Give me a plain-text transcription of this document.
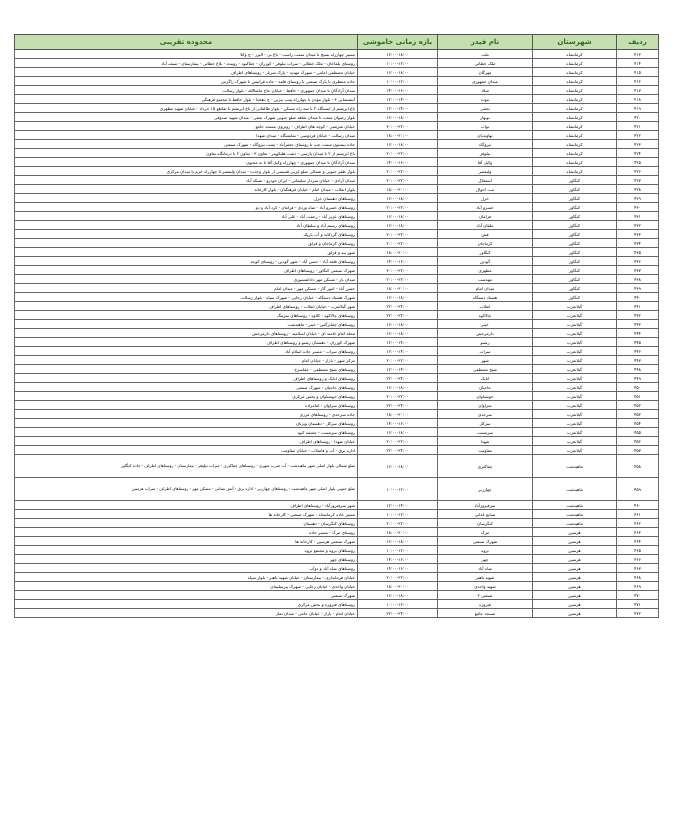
ردیف	شهرستان	نام فیدر	بازه زمانی خاموشی	محدوده تقریبی
۴۱۳	کرمانشاه	ملت	۱۶:۰۰-۱۸:۰۰	مسیر چهارراه بسیج تا میدان سمت راست - باغ نی - البرز - ج وکلا
۴۱۴	کرمانشاه	ملک خطائی	۱۰:۰۰-۱۲:۰۰	روستای بلماخان - ملک خطائی - سراب نیلوفر - کوزران - چقاکبود - روینده - بلاغ خطائی - بیمارستان - سیف آباد
۴۱۵	کرمانشاه	مهرگان	۱۶:۰۰-۱۸:۰۰	خیابان مصطفی امامی - شهرک مهدیه - پارک سرباز - روستاهای اطراف
۴۱۶	کرمانشاه	میدان جمهوری	۱۰:۰۰-۱۲:۰۰	جاده منتظری تا پارک صنعتی با روستای قلعه - جاده قرانیس تا شهرک زاگرس
۴۱۷	کرمانشاه	میلاد	۱۴:۰۰-۱۶:۰۰	میدان آزادگان تا میدان جمهوری - حافظ - خیابان حاج ماشاالله - بلوار رسالت
۴۱۸	کرمانشاه	نبوت	۱۲:۰۰-۱۴:۰۰	آتشنشانی ۳ - بلوار مؤذن تا چهارراه پمپ بنزین - ج دهخدا - بلوار حافظ تا مجتمع فرهنگی
۴۱۹	کرمانشاه	نجفی	۱۲:۰۰-۱۴:۰۰	باغ ابریشم از ایستگاه ۲ تا سه راه مسکن - بلوار طالقانی از باغ ابریشم تا تقاطع ۱۵ خرداد - خیابان شهید مطهری
۴۲۰	کرمانشاه	نوبهار	۱۶:۰۰-۱۸:۰۰	بلوار رضوان مبعث تا میدان شاهد ضلع جنوبی شهرک نجفی - میدان شهید صدوقی
۴۲۱	کرمانشاه	نواب	۲۰:۰۰-۲۲:۰۰	خیابان شریعتی - کوچه های اطراف - روبروی مسجد جامع
۴۲۲	کرمانشاه	نهاوندیان	۱۸:۰۰-۲۰:۰۰	میدان رسالت - خیابان فردوسی - نمایشگاه - میدان شهدا
۴۲۳	کرمانشاه	نیروگاه	۱۶:۰۰-۱۸:۰۰	جاده بیستون سمت چپ تا روستای جعفرآباد - پشت نیروگاه - شهرک صنعتی
۴۲۴	کرمانشاه	نیلوفر	۲۰:۰۰-۲۲:۰۰	باغ ابریشم از ۲ تا میدان پارسی - دشت هلیکوپتر - تعاون ۳ - تعاون ۲ تا درمانگاه تعاون
۴۲۵	کرمانشاه	وکیل آقا	۱۴:۰۰-۱۶:۰۰	میدان آزادگان تا میدان جمهوری - چهارراه وکیل آقا تا ته مجنون
۴۲۶	کرمانشاه	ولیعصر	۲۰:۰۰-۲۲:۰۰	بلوار ظفر جنوبی و شمالی ضلع غربی قسمتی از بلوار وحدت - میدان ولیعصر تا چهارراه خرم تا میدان مرکزی
۴۲۷	کنگاور	استقلال	۲۰:۰۰-۲۲:۰۰	میدان آزادی - خیابان سردار سلیمانی - ایران خودرو - شبکه آباد
۴۲۸	کنگاور	ثبت احوال	۱۸:۰۰-۲۰:۰۰	بلوار انقلاب - میدان امام - خیابان فرهنگیان - بلوار کارخانه
۴۲۹	کنگاور	خرل	۱۶:۰۰-۱۸:۰۰	روستاهای دهستان خرل
۴۳۰	کنگاور	خسرو آباد	۲۰:۰۰-۲۲:۰۰	روستاهای خسرو آباد - شاه وردی - فرامان - کرد آباد و دو
۴۳۱	کنگاور	فرامان	۱۶:۰۰-۱۸:۰۰	روستاهای عزیز آباد - رحمت آباد - علی آباد
۴۳۲	کنگاور	ملقان آباد	۱۶:۰۰-۱۸:۰۰	روستاهای رستم آباد و سلطان آباد
۴۳۳	کنگاور	فش	۲۰:۰۰-۲۲:۰۰	روستاهای گردکانه و آب باریک
۴۳۴	کنگاور	کرماجان	۲۰:۰۰-۲۲:۰۰	روستاهای کرماجان و قزلق
۴۳۵	کنگاور	کنگاور	۱۸:۰۰-۲۰:۰۰	شهر پیه و قزلق
۴۳۶	کنگاور	گودین	۱۴:۰۰-۱۶:۰۰	روستاهای قلعه آباد - حسن آباد - شهر گودین - روستای کوچه
۴۳۷	کنگاور	مطهری	۲۰:۰۰-۲۲:۰۰	شهرک صنعتی کنگاور - روستاهای اطراف
۴۳۸	کنگاور	مهدشت	۲۰:۰۰-۲۲:۰۰	میدان بار - مسکن مهر داداشسوری
۴۳۹	کنگاور	میدان امام	۱۸:۰۰-۲۰:۰۰	حسن آباد - امور گاز - مسکن مهر - میدان امام
۴۴۰	کنگاور	هشتاد دستگاه	۱۶:۰۰-۱۸:۰۰	شهرک هشتاد دستگاه - خیابان رجایی - شهرک سپاه - بلوار رسالت
۴۴۱	گیلانغرب	انقلاب	۲۲:۰۰-۲۴:۰۰	شهر گیلانغرب - خیابان انقلاب - روستاهای اطراف
۴۴۲	گیلانغرب	چالاکوه	۲۲:۰۰-۲۴:۰۰	روستاهای چالاکوه - کلاوه - روستاهای سرتنگ
۴۴۳	گیلانغرب	خیبر	۱۶:۰۰-۱۸:۰۰	روستاهای چقانرگس - خیبر - ماهیدشت
۴۴۴	گیلانغرب	دارمرخش	۱۶:۰۰-۱۸:۰۰	محله امام خامنه ای - خیابان اسلامیه - روستاهای دارمرخش
۴۴۵	گیلانغرب	رشنو	۱۲:۰۰-۱۴:۰۰	شهرک کوزران - دهستان رشنو و روستاهای اطراف
۴۴۶	گیلانغرب	سراب	۱۲:۰۰-۱۴:۰۰	روستاهای سراب - مسیر جاده اسلام آباد
۴۴۷	گیلانغرب	شهر	۲۰:۰۰-۲۲:۰۰	مرکز شهر - بازار - خیابان امام
۴۴۸	گیلانغرب	شیخ مصطفی	۱۲:۰۰-۱۴:۰۰	روستاهای شیخ مصطفی - چقاسرخ
۴۴۹	گیلانغرب	اتابک	۲۲:۰۰-۲۴:۰۰	روستاهای اتابک و روستاهای اطراف
۴۵۰	گیلانغرب	حاجیان	۱۶:۰۰-۱۸:۰۰	روستاهای حاجیان - شهرک صنعتی
۴۵۱	گیلانغرب	خوشناوان	۲۰:۰۰-۲۲:۰۰	روستاهای خوشناوان و بخش مرکزی
۴۵۲	گیلانغرب	سراوان	۲۲:۰۰-۲۴:۰۰	روستاهای سراوان - امامزاده
۴۵۳	گیلانغرب	سرحدی	۱۸:۰۰-۲۰:۰۰	جاده سرحدی - روستاهای مرزی
۴۵۴	گیلانغرب	سرکل	۱۴:۰۰-۱۶:۰۰	روستاهای سرکل - دهستان ویژنان
۴۵۵	گیلانغرب	سرمست	۱۶:۰۰-۱۸:۰۰	روستاهای سرمست - چشمه کبود
۴۵۶	گیلانغرب	شهدا	۲۰:۰۰-۲۲:۰۰	خیابان شهدا - روستاهای اطراف
۴۵۷	گیلانغرب	مقاومت	۲۲:۰۰-۲۴:۰۰	اداره برق - آب و فاضلاب - خیابان مقاومت
۴۵۸	ماهیدشت	چقاکبری	۱۶:۰۰-۱۸:۰۰	ضلع شمالی بلوار اصلی شهر ماهیدشت - آب شرب شهری - روستاهای چقاکبری - سراب نیلوفر - بیمارستان - روستاهای اطراف - جاده کنگاور
۴۵۹	ماهیدشت	چهارزبر	۱۰:۰۰-۱۲:۰۰	ضلع جنوبی بلوار اصلی شهر ماهیدشت - روستاهای چهارزبر - اداره برق - آتش نشانی - مسکن مهر - روستاهای اطراف - سراب هرسین
۴۶۰	ماهیدشت	سرفیروزآباد	۱۲:۰۰-۱۴:۰۰	شهر سرفیروزآباد - روستاهای اطراف
۴۶۱	ماهیدشت	صنایع غذایی	۱۰:۰۰-۱۲:۰۰	مسیر جاده کرمانشاه - شهرک صنعتی - کارخانه ها
۴۶۲	ماهیدشت	کنگرسان	۲۰:۰۰-۲۲:۰۰	روستاهای کنگرسان - دهستان
۴۶۳	هرسین	مرک	۱۸:۰۰-۲۰:۰۰	روستای مرک - مسیر جاده
۴۶۴	هرسین	شهرک صنعتی	۱۶:۰۰-۱۸:۰۰	شهرک صنعتی هرسین - کارخانه ها
۴۶۵	هرسین	بروه	۱۰:۰۰-۱۲:۰۰	روستاهای بروه و مجتمع بروه
۴۶۶	هرسین	چهر	۱۴:۰۰-۱۶:۰۰	روستاهای چهر
۴۶۷	هرسین	شاه آباد	۱۴:۰۰-۱۶:۰۰	روستاهای شاه آباد و دوآب
۴۶۸	هرسین	شهید باهنر	۲۰:۰۰-۲۲:۰۰	خیابان فرمانداری - بیمارستان - خیابان شهید باهنر - بلوار سپاه
۴۶۹	هرسین	شهید واحدی	۱۸:۰۰-۲۰:۰۰	خیابان واحدی - خیابان رجایی - شهرک پیرسلیمان
۴۷۰	هرسین	صنعتی ۲	۱۶:۰۰-۱۸:۰۰	شهرک صنعتی
۴۷۱	هرسین	فیروزه	۱۰:۰۰-۱۲:۰۰	روستاهای فیروزه و بخش مرکزی
۴۷۲	هرسین	مسجد جامع	۲۲:۰۰-۲۴:۰۰	خیابان امام - بازار - خیابان جامی - میدان نماز
